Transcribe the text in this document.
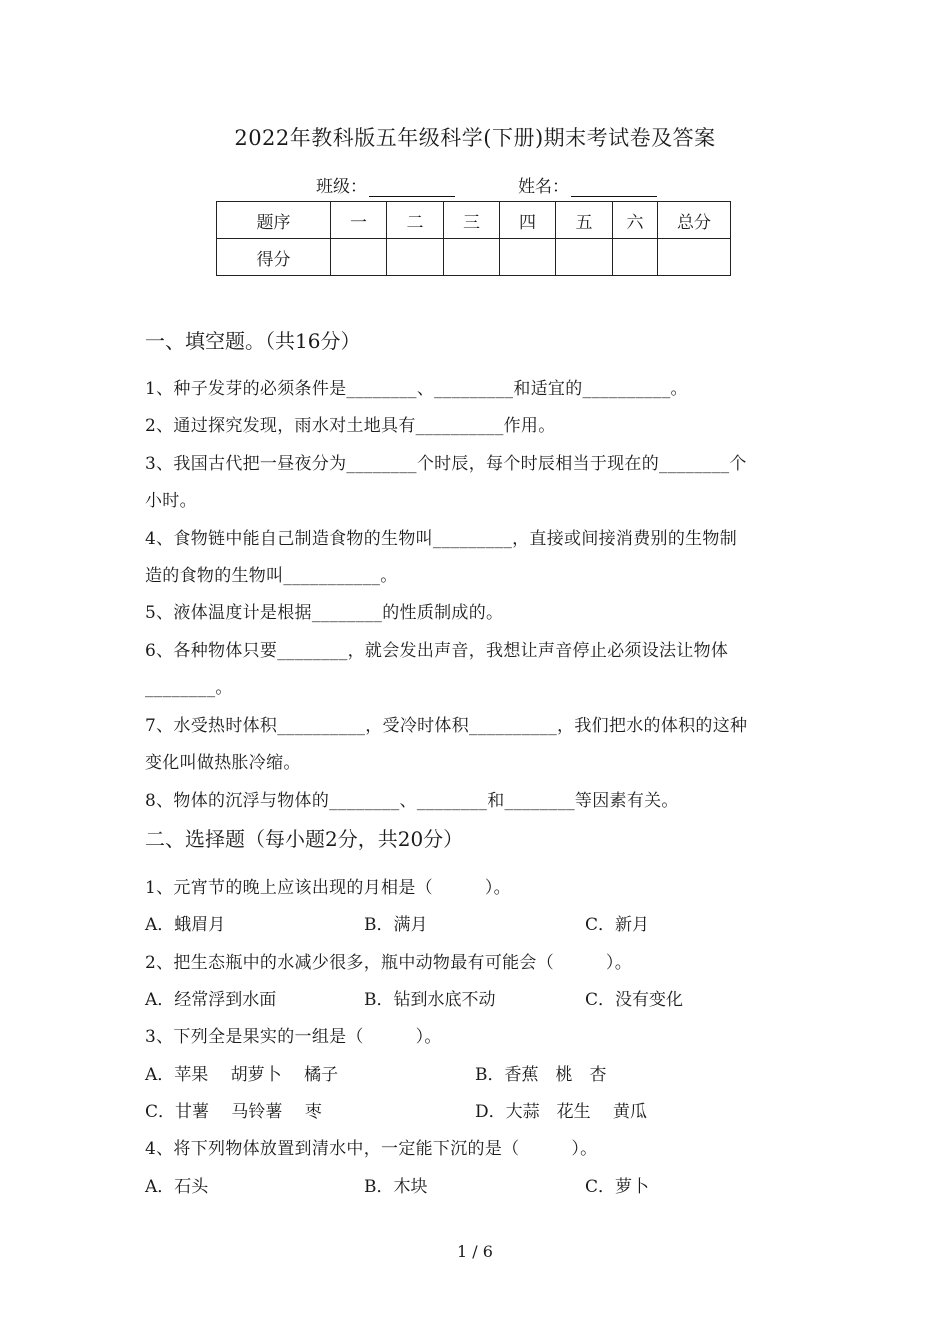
2022年教科版五年级科学(下册)期末考试卷及答案
班级：	姓名：
题序	一	二	三	四	五	六	总分
得分							
一、填空题。（共16分）
1、种子发芽的必须条件是________、_________和适宜的__________。
2、通过探究发现，雨水对土地具有__________作用。
3、我国古代把一昼夜分为________个时辰，每个时辰相当于现在的________个
小时。
4、食物链中能自己制造食物的生物叫_________，直接或间接消费别的生物制
造的食物的生物叫___________。
5、液体温度计是根据________的性质制成的。
6、各种物体只要________，就会发出声音，我想让声音停止必须设法让物体
________。
7、水受热时体积__________，受冷时体积__________，我们把水的体积的这种
变化叫做热胀冷缩。
8、物体的沉浮与物体的________、________和________等因素有关。
二、选择题（每小题2分，共20分）
1、元宵节的晚上应该出现的月相是（　　　）。
A．蛾眉月	B．满月	C．新月
2、把生态瓶中的水减少很多，瓶中动物最有可能会（　　　）。
A．经常浮到水面	B．钻到水底不动	C．没有变化
3、下列全是果实的一组是（　　　）。
A．苹果　 胡萝卜　 橘子	B．香蕉　桃　杏
C．甘薯　 马铃薯　 枣	D．大蒜　花生　 黄瓜
4、将下列物体放置到清水中，一定能下沉的是（　　　）。
A．石头	B．木块	C．萝卜
1 / 6
